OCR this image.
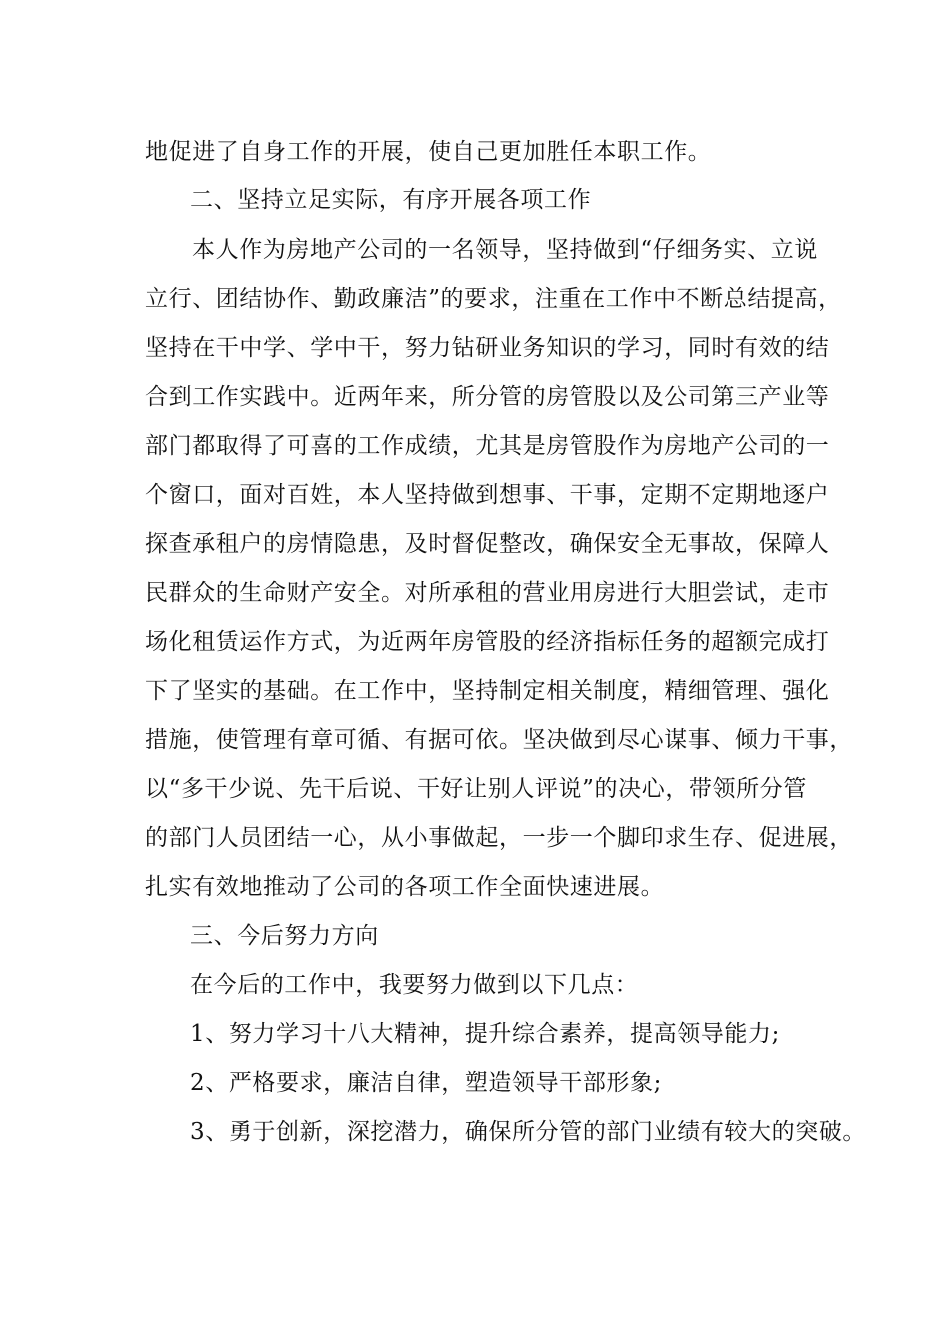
地促进了自身工作的开展，使自己更加胜任本职工作。
二、坚持立足实际，有序开展各项工作
本人作为房地产公司的一名领导，坚持做到“仔细务实、立说
立行、团结协作、勤政廉洁”的要求，注重在工作中不断总结提高，
坚持在干中学、学中干，努力钻研业务知识的学习，同时有效的结
合到工作实践中。近两年来，所分管的房管股以及公司第三产业等
部门都取得了可喜的工作成绩，尤其是房管股作为房地产公司的一
个窗口，面对百姓，本人坚持做到想事、干事，定期不定期地逐户
探查承租户的房情隐患，及时督促整改，确保安全无事故，保障人
民群众的生命财产安全。对所承租的营业用房进行大胆尝试，走市
场化租赁运作方式，为近两年房管股的经济指标任务的超额完成打
下了坚实的基础。在工作中，坚持制定相关制度，精细管理、强化
措施，使管理有章可循、有据可依。坚决做到尽心谋事、倾力干事，
以“多干少说、先干后说、干好让别人评说”的决心，带领所分管
的部门人员团结一心，从小事做起，一步一个脚印求生存、促进展，
扎实有效地推动了公司的各项工作全面快速进展。
三、今后努力方向
在今后的工作中，我要努力做到以下几点：
1、努力学习十八大精神，提升综合素养，提高领导能力;
2、严格要求，廉洁自律，塑造领导干部形象;
3、勇于创新，深挖潜力，确保所分管的部门业绩有较大的突破。
